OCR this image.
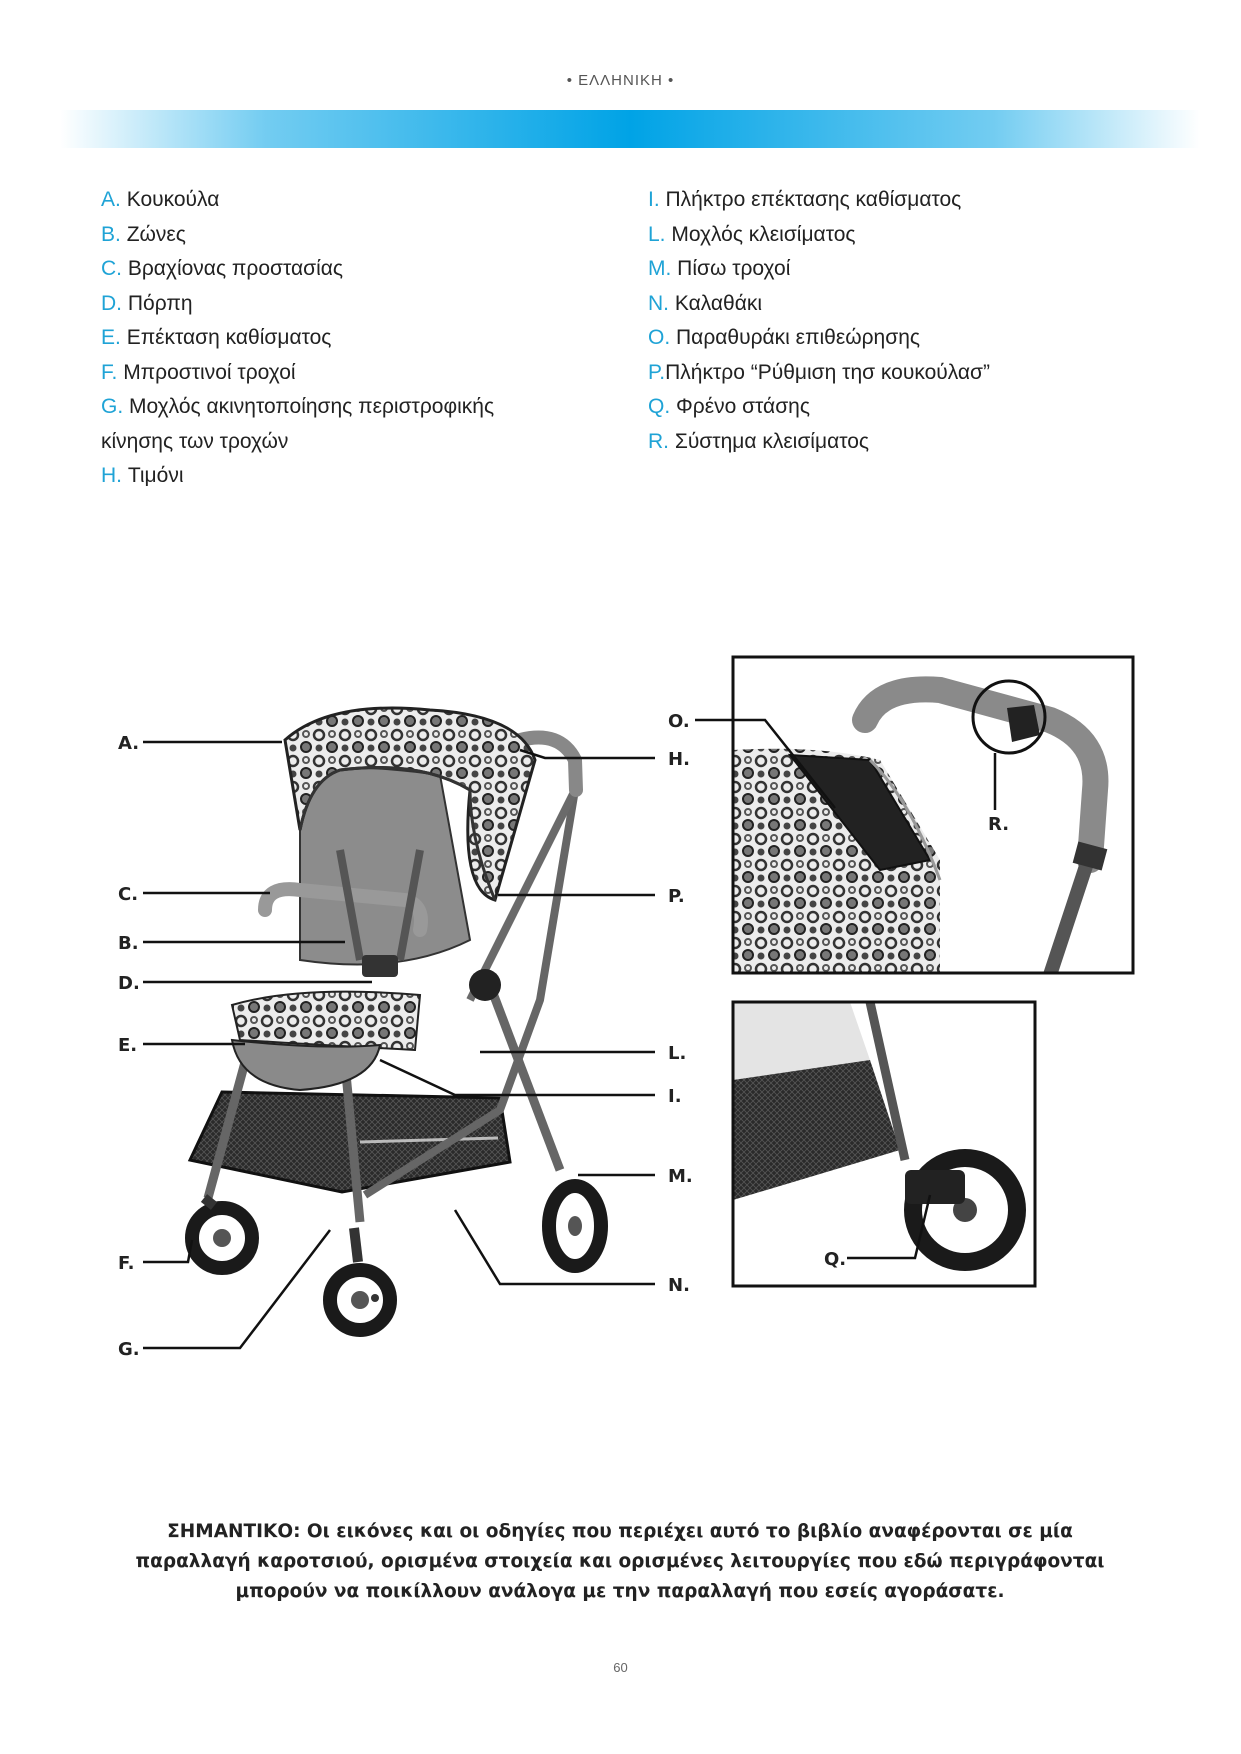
• ΕΛΛΗΝΙΚΗ •
A. Κουκούλα
B. Ζώνες
C. Βραχίονας προστασίας
D. Πόρπη
E. Επέκταση καθίσματος
F. Μπροστινοί τροχοί
G. Μοχλός ακινητοποίησης περιστροφικής
κίνησης των τροχών
H. Τιμόνι
I. Πλήκτρο επέκτασης καθίσματος
L. Μοχλός κλεισίματος
M. Πίσω τροχοί
N. Καλαθάκι
O. Παραθυράκι επιθεώρησης
P.Πλήκτρο “Ρύθμιση τησ κουκούλασ”
Q. Φρένο στάσης
R. Σύστημα κλεισίματος
A.
C.
B.
D.
E.
F.
G.
O.
H.
P.
L.
I.
M.
N.
Q.
R.
ΣΗΜΑΝΤΙΚΟ: Οι εικόνες και οι οδηγίες που περιέχει αυτό το βιβλίο αναφέρονται σε μία παραλλαγή καροτσιού, ορισμένα στοιχεία και ορισμένες λειτουργίες που εδώ περιγράφονται μπορούν να ποικίλλουν ανάλογα με την παραλλαγή που εσείς αγοράσατε.
60
